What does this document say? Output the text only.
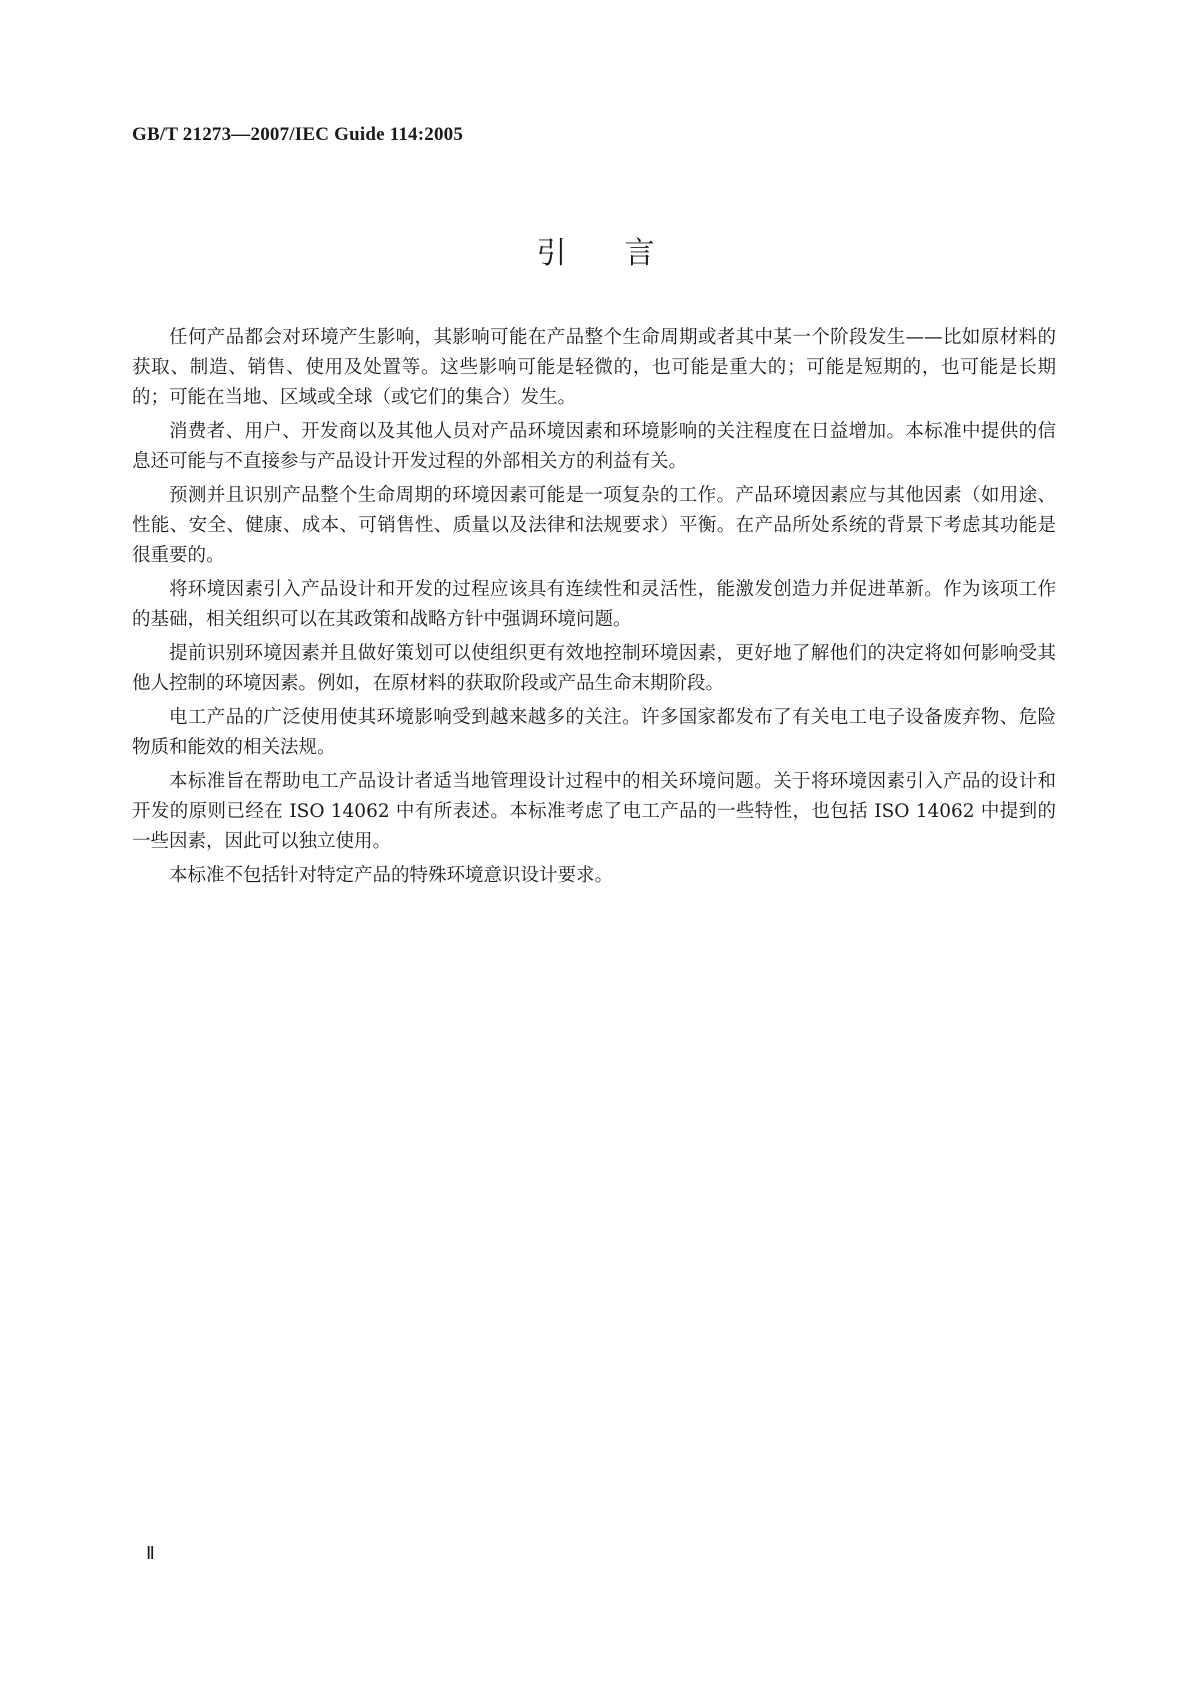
GB/T 21273—2007/IEC Guide 114:2005
引言

任何产品都会对环境产生影响，其影响可能在产品整个生命周期或者其中某一个阶段发生——比如原材料的获取、制造、销售、使用及处置等。这些影响可能是轻微的，也可能是重大的；可能是短期的，也可能是长期的；可能在当地、区域或全球（或它们的集合）发生。

消费者、用户、开发商以及其他人员对产品环境因素和环境影响的关注程度在日益增加。本标准中提供的信息还可能与不直接参与产品设计开发过程的外部相关方的利益有关。

预测并且识别产品整个生命周期的环境因素可能是一项复杂的工作。产品环境因素应与其他因素（如用途、性能、安全、健康、成本、可销售性、质量以及法律和法规要求）平衡。在产品所处系统的背景下考虑其功能是很重要的。

将环境因素引入产品设计和开发的过程应该具有连续性和灵活性，能激发创造力并促进革新。作为该项工作的基础，相关组织可以在其政策和战略方针中强调环境问题。

提前识别环境因素并且做好策划可以使组织更有效地控制环境因素，更好地了解他们的决定将如何影响受其他人控制的环境因素。例如，在原材料的获取阶段或产品生命末期阶段。

电工产品的广泛使用使其环境影响受到越来越多的关注。许多国家都发布了有关电工电子设备废弃物、危险物质和能效的相关法规。

本标准旨在帮助电工产品设计者适当地管理设计过程中的相关环境问题。关于将环境因素引入产品的设计和开发的原则已经在 ISO 14062 中有所表述。本标准考虑了电工产品的一些特性，也包括 ISO 14062 中提到的一些因素，因此可以独立使用。

本标准不包括针对特定产品的特殊环境意识设计要求。

Ⅱ
